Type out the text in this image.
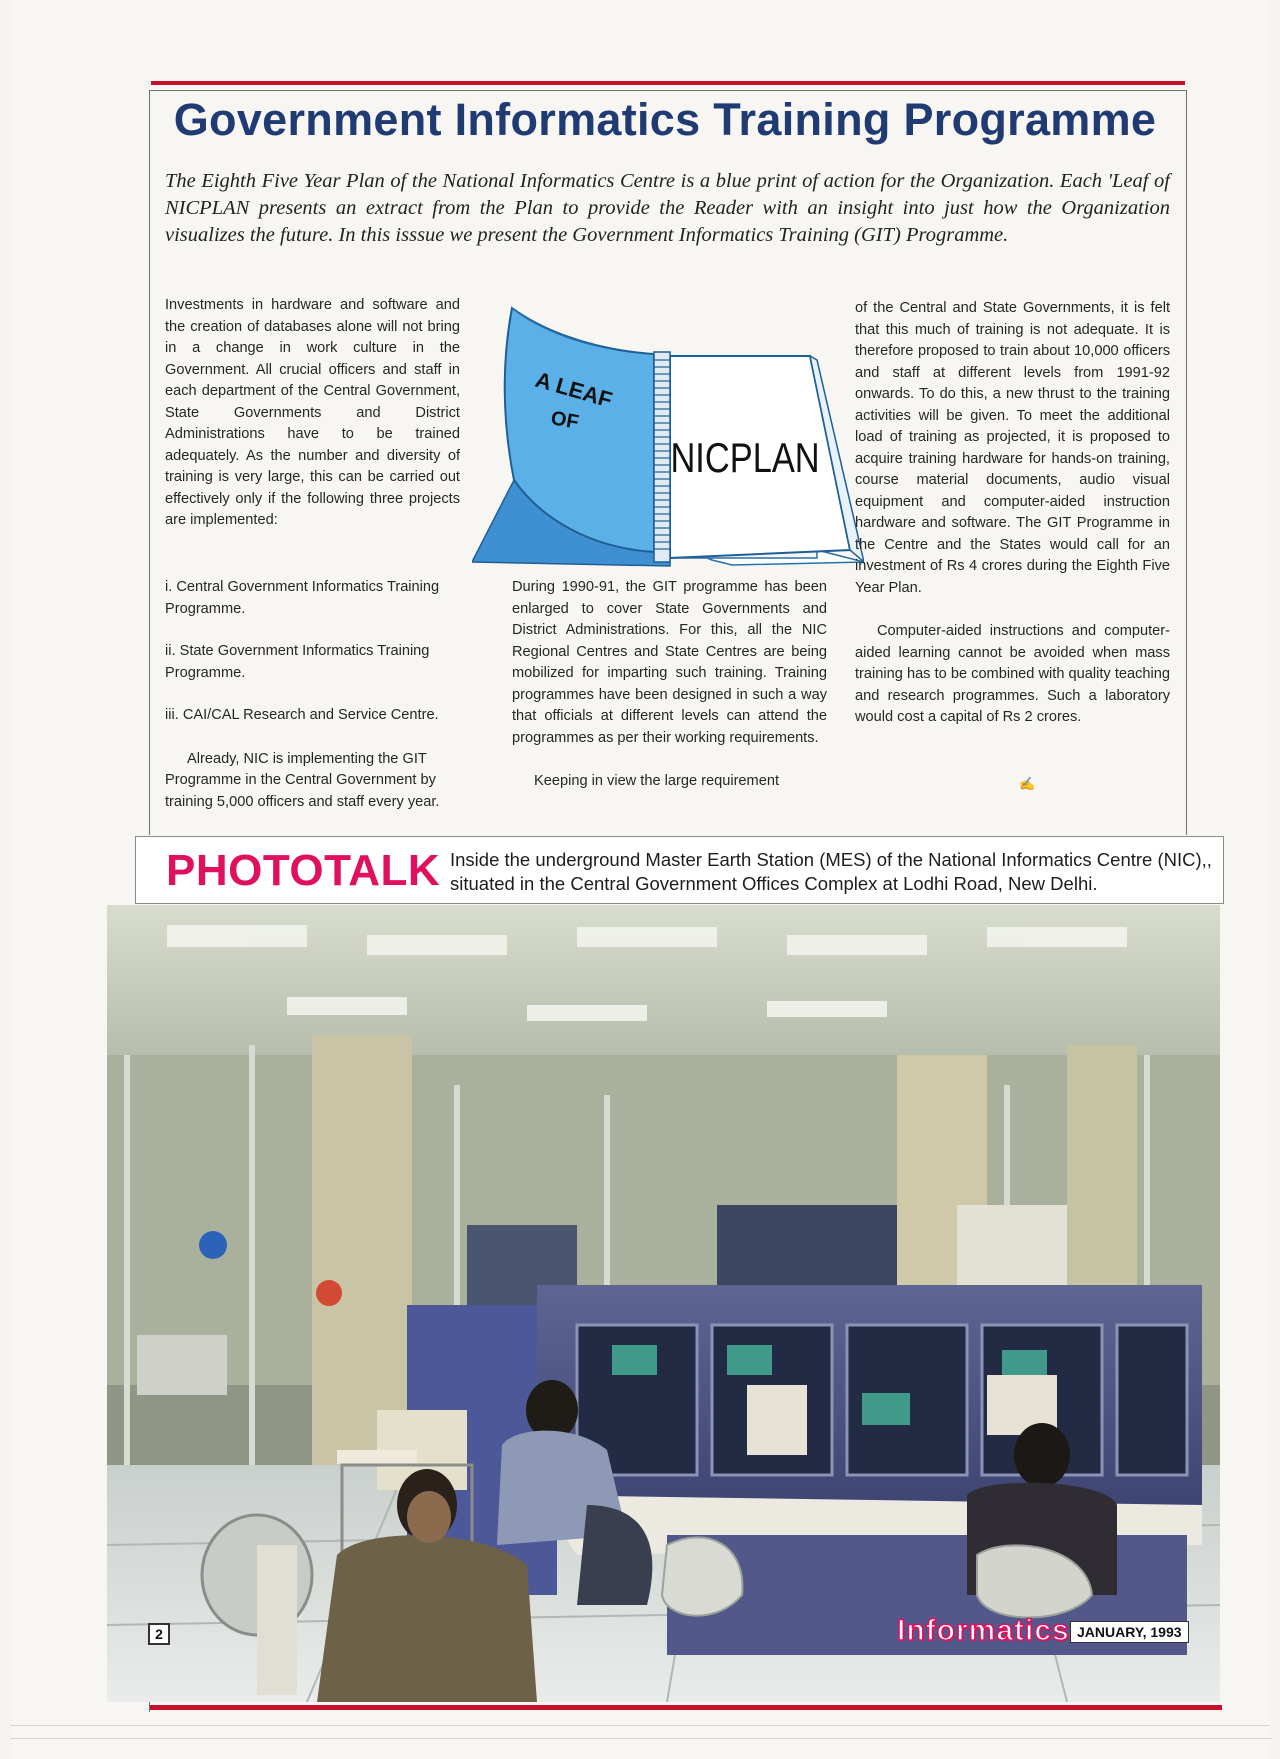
Government Informatics Training Programme
The Eighth Five Year Plan of the National Informatics Centre is a blue print of action for the Organization. Each 'Leaf of NICPLAN presents an extract from the Plan to provide the Reader with an insight into just how the Organization visualizes the future. In this isssue we present the Government Informatics Training (GIT) Programme.

Investments in hardware and software and the creation of databases alone will not bring in a change in work culture in the Government. All crucial officers and staff in each department of the Central Government, State Governments and District Administrations have to be trained adequately. As the number and diversity of training is very large, this can be carried out effectively only if the following three projects are implemented:

i. Central Government Informatics Training Programme.

ii. State Government Informatics Training Programme.

iii. CAI/CAL Research and Service Centre.

Already, NIC is implementing the GIT Programme in the Central Government by training 5,000 officers and staff every year.

A LEAF
OF
NICPLAN

During 1990-91, the GIT programme has been enlarged to cover State Governments and District Administrations. For this, all the NIC Regional Centres and State Centres are being mobilized for imparting such training. Training programmes have been designed in such a way that officials at different levels can attend the programmes as per their working requirements.

Keeping in view the large requirement

of the Central and State Governments, it is felt that this much of training is not adequate. It is therefore proposed to train about 10,000 officers and staff at different levels from 1991-92 onwards. To do this, a new thrust to the training activities will be given. To meet the additional load of training as projected, it is proposed to acquire training hardware for hands-on training, course material documents, audio visual equipment and computer-aided instruction hardware and software. The GIT Programme in the Centre and the States would call for an investment of Rs 4 crores during the Eighth Five Year Plan.

Computer-aided instructions and computer-aided learning cannot be avoided when mass training has to be combined with quality teaching and research programmes. Such a laboratory would cost a capital of Rs 2 crores.

✍
PHOTOTALK Inside the underground Master Earth Station (MES) of the National Informatics Centre (NIC),, situated in the Central Government Offices Complex at Lodhi Road, New Delhi.
2	Informatics JANUARY, 1993
